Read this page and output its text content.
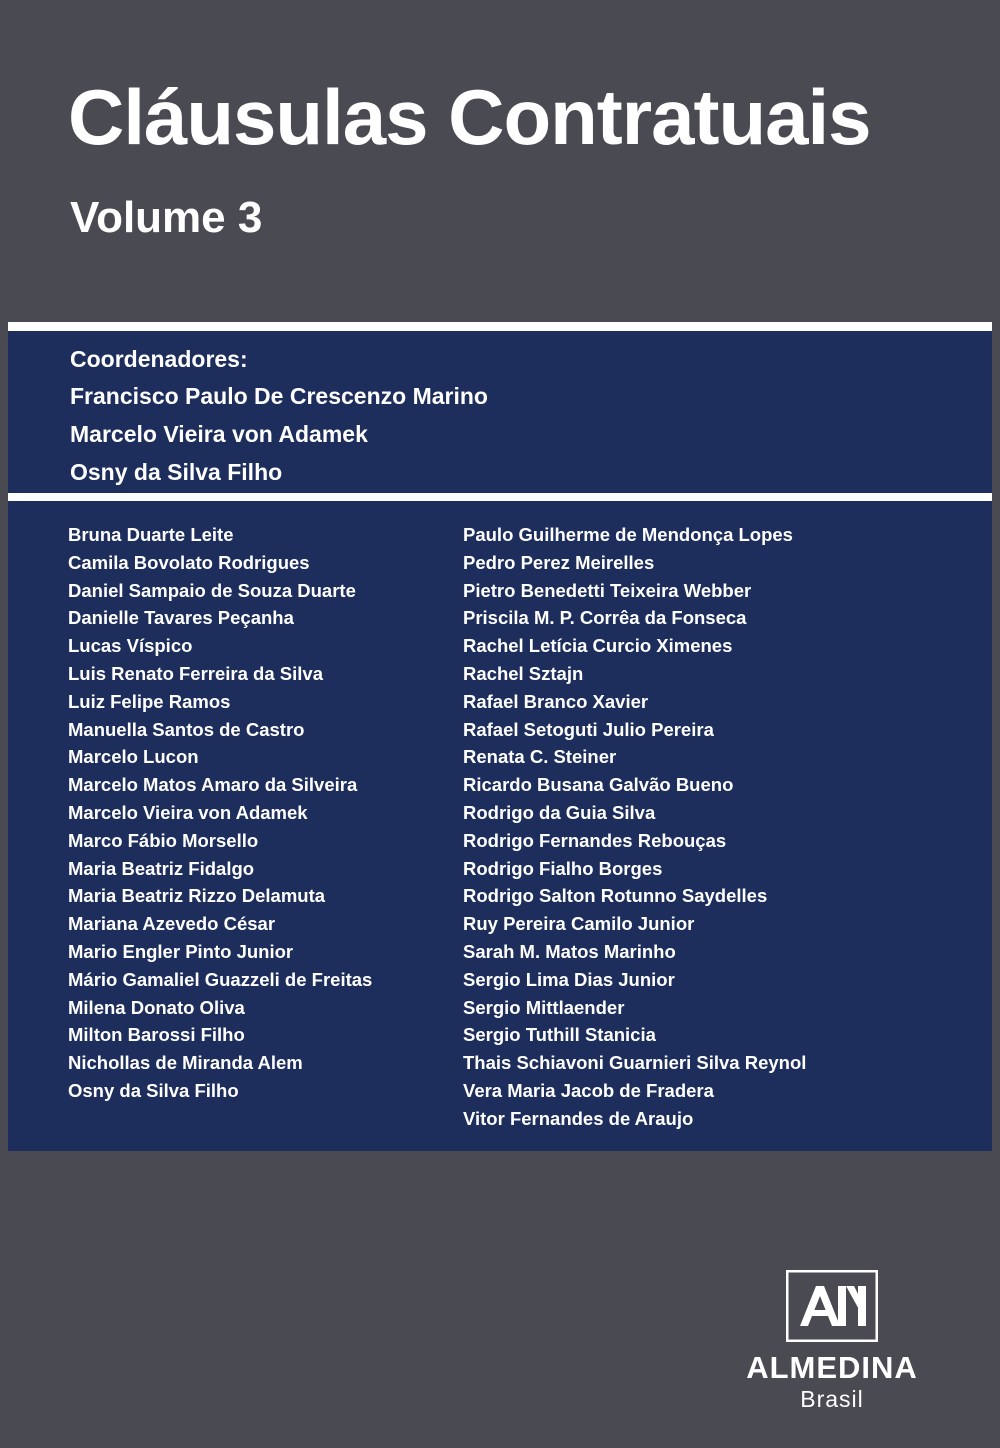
Cláusulas Contratuais
Volume 3
Coordenadores:
Francisco Paulo De Crescenzo Marino
Marcelo Vieira von Adamek
Osny da Silva Filho
Bruna Duarte Leite
Camila Bovolato Rodrigues
Daniel Sampaio de Souza Duarte
Danielle Tavares Peçanha
Lucas Víspico
Luis Renato Ferreira da Silva
Luiz Felipe Ramos
Manuella Santos de Castro
Marcelo Lucon
Marcelo Matos Amaro da Silveira
Marcelo Vieira von Adamek
Marco Fábio Morsello
Maria Beatriz Fidalgo
Maria Beatriz Rizzo Delamuta
Mariana Azevedo César
Mario Engler Pinto Junior
Mário Gamaliel Guazzeli de Freitas
Milena Donato Oliva
Milton Barossi Filho
Nichollas de Miranda Alem
Osny da Silva Filho
Paulo Guilherme de Mendonça Lopes
Pedro Perez Meirelles
Pietro Benedetti Teixeira Webber
Priscila M. P. Corrêa da Fonseca
Rachel Letícia Curcio Ximenes
Rachel Sztajn
Rafael Branco Xavier
Rafael Setoguti Julio Pereira
Renata C. Steiner
Ricardo Busana Galvão Bueno
Rodrigo da Guia Silva
Rodrigo Fernandes Rebouças
Rodrigo Fialho Borges
Rodrigo Salton Rotunno Saydelles
Ruy Pereira Camilo Junior
Sarah M. Matos Marinho
Sergio Lima Dias Junior
Sergio Mittlaender
Sergio Tuthill Stanicia
Thais Schiavoni Guarnieri Silva Reynol
Vera Maria Jacob de Fradera
Vitor Fernandes de Araujo
ALMEDINA
Brasil
